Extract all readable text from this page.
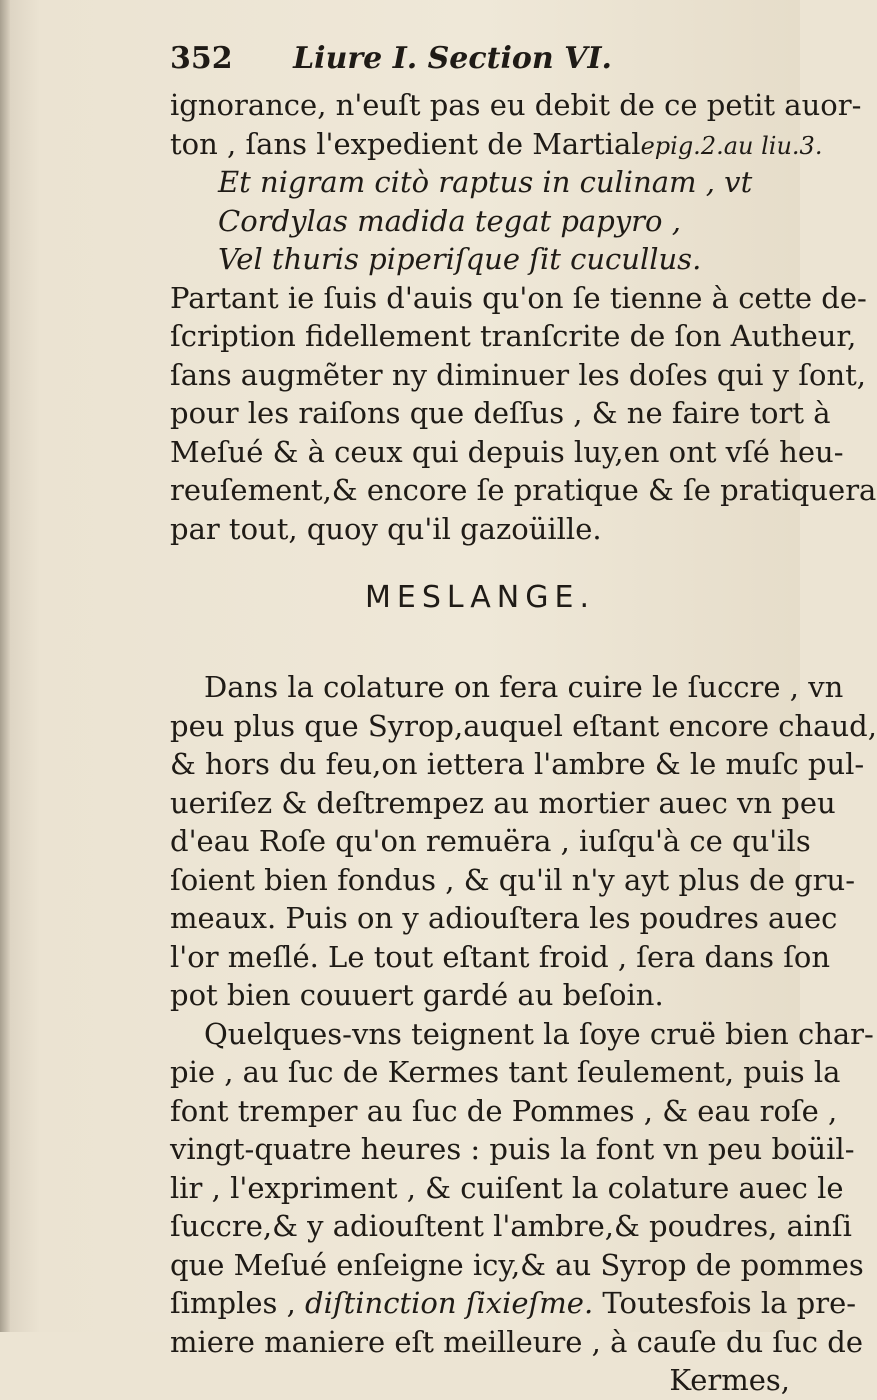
352 Liure I. Section VI.
ignorance, n'euſt pas eu debit de ce petit auor-
ton , ſans l'expedient de Martialepig.2.au liu.3.
Et nigram citò raptus in culinam , vt
Cordylas madida tegat papyro ,
Vel thuris piperiſque ſit cucullus.
Partant ie ſuis d'auis qu'on ſe tienne à cette de-
ſcription fidellement tranſcrite de ſon Autheur,
ſans augmẽter ny diminuer les doſes qui y ſont,
pour les raiſons que deſſus , & ne faire tort à
Meſué & à ceux qui depuis luy,en ont vſé heu-
reuſement,& encore ſe pratique & ſe pratiquera
par tout, quoy qu'il gazoüille.
MESLANGE.
Dans la colature on fera cuire le ſuccre , vn
peu plus que Syrop,auquel eſtant encore chaud,
& hors du feu,on iettera l'ambre & le muſc pul-
ueriſez & deſtrempez au mortier auec vn peu
d'eau Roſe qu'on remuëra , iuſqu'à ce qu'ils
ſoient bien fondus , & qu'il n'y ayt plus de gru-
meaux. Puis on y adiouſtera les poudres auec
l'or meſlé. Le tout eſtant froid , ſera dans ſon
pot bien couuert gardé au beſoin.
Quelques-vns teignent la ſoye cruë bien char-
pie , au ſuc de Kermes tant ſeulement, puis la
font tremper au ſuc de Pommes , & eau roſe ,
vingt-quatre heures : puis la font vn peu boüil-
lir , l'expriment , & cuiſent la colature auec le
ſuccre,& y adiouſtent l'ambre,& poudres, ainſi
que Meſué enſeigne icy,& au Syrop de pommes
ſimples , diſtinction ſixieſme. Toutesfois la pre-
miere maniere eſt meilleure , à cauſe du ſuc de
Kermes,
